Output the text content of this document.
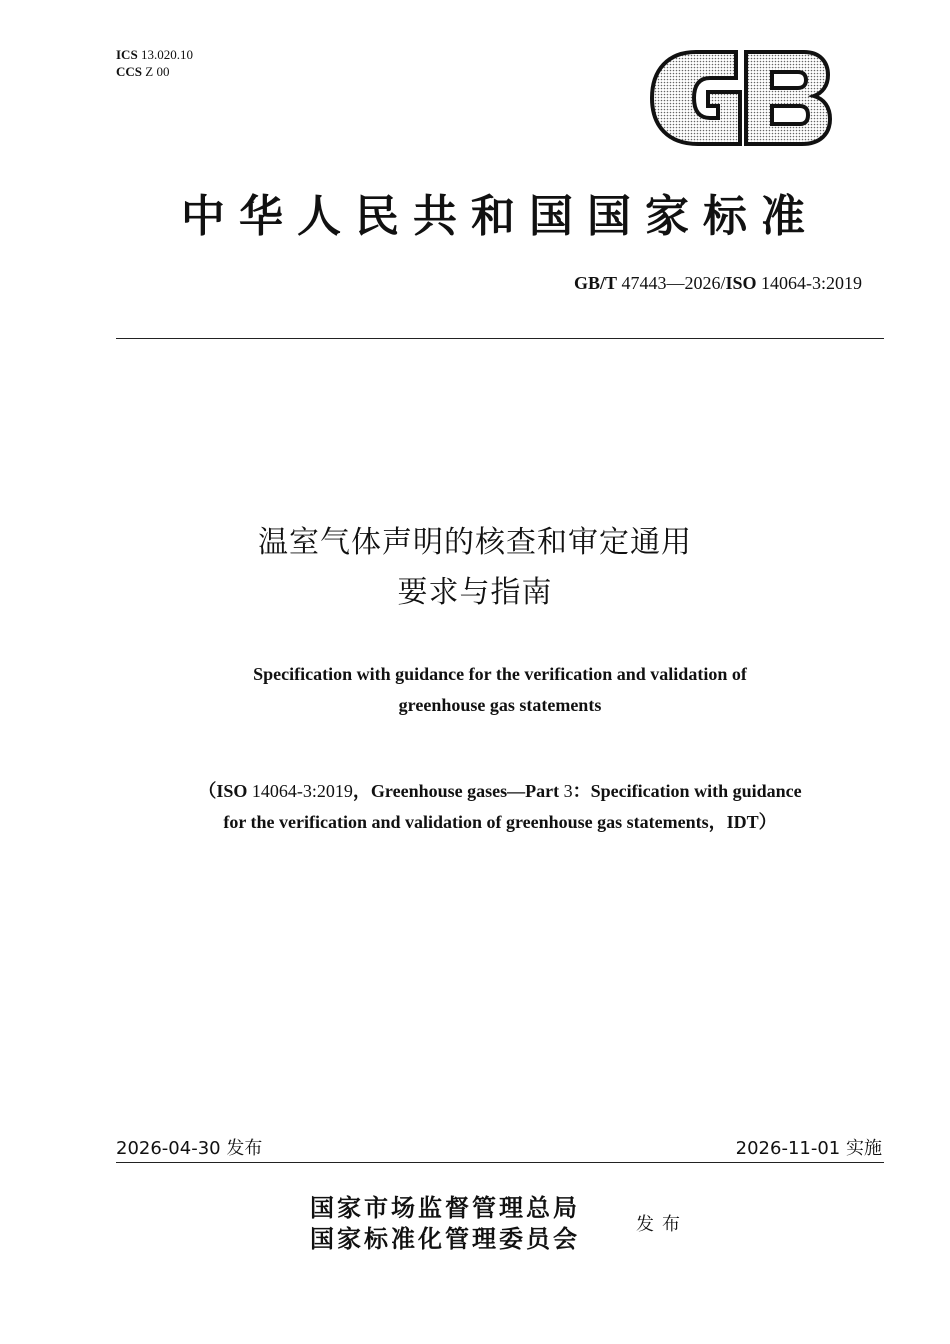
ICS 13.020.10
CCS Z 00
中华人民共和国国家标准
GB/T 47443—2026/ISO 14064-3:2019
温室气体声明的核查和审定通用
要求与指南
Specification with guidance for the verification and validation of
greenhouse gas statements
（ISO 14064-3:2019，Greenhouse gases—Part 3：Specification with guidance
for the verification and validation of greenhouse gas statements，IDT）
2026-04-30 发布	2026-11-01 实施
国家市场监督管理总局
国家标准化管理委员会	发布
